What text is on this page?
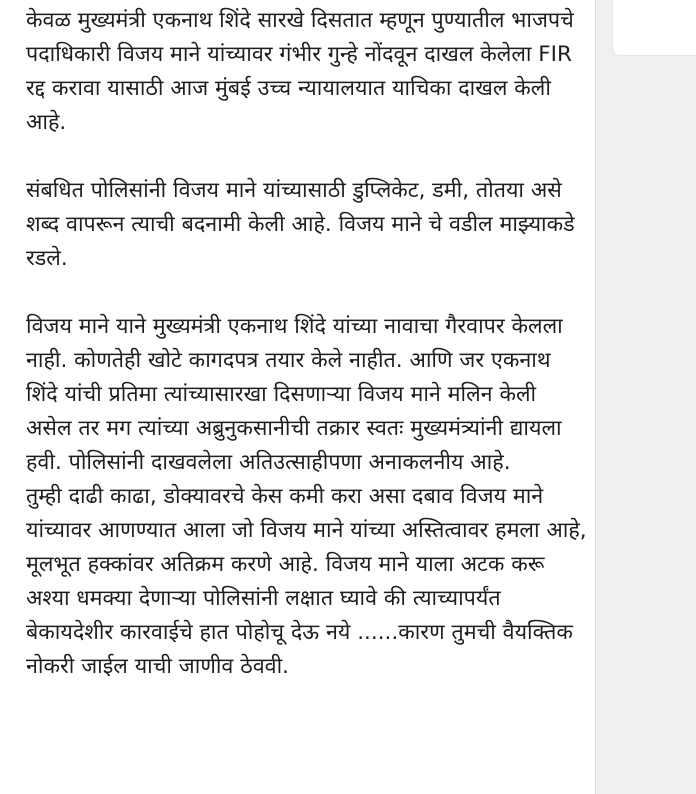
केवळ मुख्यमंत्री एकनाथ शिंदे सारखे दिसतात म्हणून पुण्यातील भाजपचे पदाधिकारी विजय माने यांच्यावर गंभीर गुन्हे नोंदवून दाखल केलेला FIR रद्द करावा यासाठी आज मुंबई उच्च न्यायालयात याचिका दाखल केली आहे.

संबधित पोलिसांनी विजय माने यांच्यासाठी डुप्लिकेट, डमी, तोतया असे शब्द वापरून त्याची बदनामी केली आहे. विजय माने चे वडील माझ्याकडे रडले.

विजय माने याने मुख्यमंत्री एकनाथ शिंदे यांच्या नावाचा गैरवापर केलला नाही. कोणतेही खोटे कागदपत्र तयार केले नाहीत. आणि जर एकनाथ शिंदे यांची प्रतिमा त्यांच्यासारखा दिसणाऱ्या विजय माने मलिन केली असेल तर मग त्यांच्या अब्रुनुकसानीची तक्रार स्वतः मुख्यमंत्र्यांनी द्यायला हवी. पोलिसांनी दाखवलेला अतिउत्साहीपणा अनाकलनीय आहे.

तुम्ही दाढी काढा, डोक्यावरचे केस कमी करा असा दबाव विजय माने यांच्यावर आणण्यात आला जो विजय माने यांच्या अस्तित्वावर हमला आहे, मूलभूत हक्कांवर अतिक्रम करणे आहे. विजय माने याला अटक करू अश्या धमक्या देणाऱ्या पोलिसांनी लक्षात घ्यावे की त्याच्यापर्यंत बेकायदेशीर कारवाईचे हात पोहोचू देऊ नये ......कारण तुमची वैयक्तिक नोकरी जाईल याची जाणीव ठेववी.
